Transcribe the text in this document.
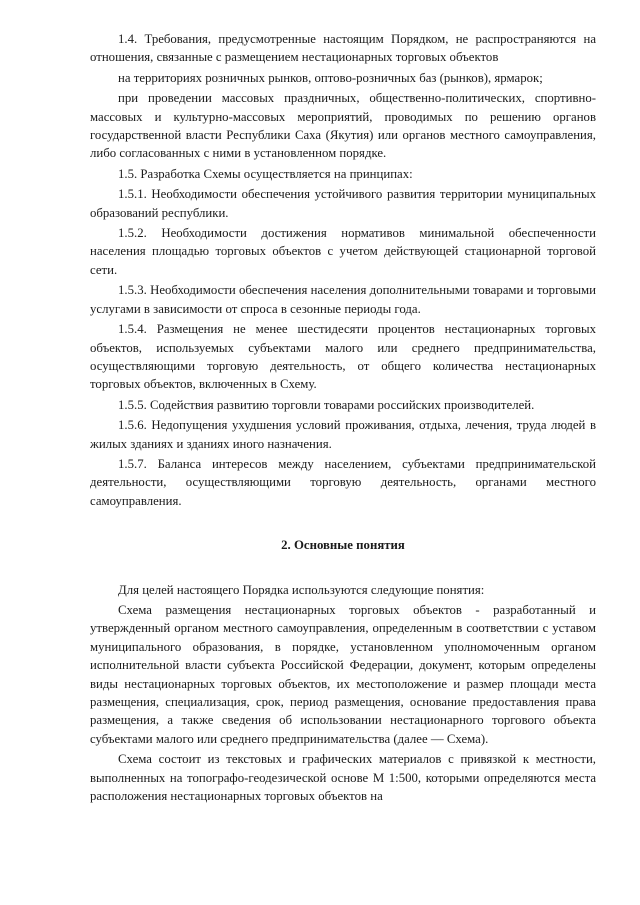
1.4. Требования, предусмотренные настоящим Порядком, не распространяются на отношения, связанные с размещением нестационарных торговых объектов

на территориях розничных рынков, оптово-розничных баз (рынков), ярмарок;

при проведении массовых праздничных, общественно-политических, спортивно-массовых и культурно-массовых мероприятий, проводимых по решению органов государственной власти Республики Саха (Якутия) или органов местного самоуправления, либо согласованных с ними в установленном порядке.

1.5. Разработка Схемы осуществляется на принципах:

1.5.1. Необходимости обеспечения устойчивого развития территории муниципальных образований республики.

1.5.2. Необходимости достижения нормативов минимальной обеспеченности населения площадью торговых объектов с учетом действующей стационарной торговой сети.

1.5.3. Необходимости обеспечения населения дополнительными товарами и торговыми услугами в зависимости от спроса в сезонные периоды года.

1.5.4. Размещения не менее шестидесяти процентов нестационарных торговых объектов, используемых субъектами малого или среднего предпринимательства, осуществляющими торговую деятельность, от общего количества нестационарных торговых объектов, включенных в Схему.

1.5.5. Содействия развитию торговли товарами российских производителей.

1.5.6. Недопущения ухудшения условий проживания, отдыха, лечения, труда людей в жилых зданиях и зданиях иного назначения.

1.5.7. Баланса интересов между населением, субъектами предпринимательской деятельности, осуществляющими торговую деятельность, органами местного самоуправления.

2. Основные понятия

Для целей настоящего Порядка используются следующие понятия:

Схема размещения нестационарных торговых объектов - разработанный и утвержденный органом местного самоуправления, определенным в соответствии с уставом муниципального образования, в порядке, установленном уполномоченным органом исполнительной власти субъекта Российской Федерации, документ, которым определены виды нестационарных торговых объектов, их местоположение и размер площади места размещения, специализация, срок, период размещения, основание предоставления права размещения, а также сведения об использовании нестационарного торгового объекта субъектами малого или среднего предпринимательства (далее — Схема).

Схема состоит из текстовых и графических материалов с привязкой к местности, выполненных на топографо-геодезической основе М 1:500, которыми определяются места расположения нестационарных торговых объектов на
